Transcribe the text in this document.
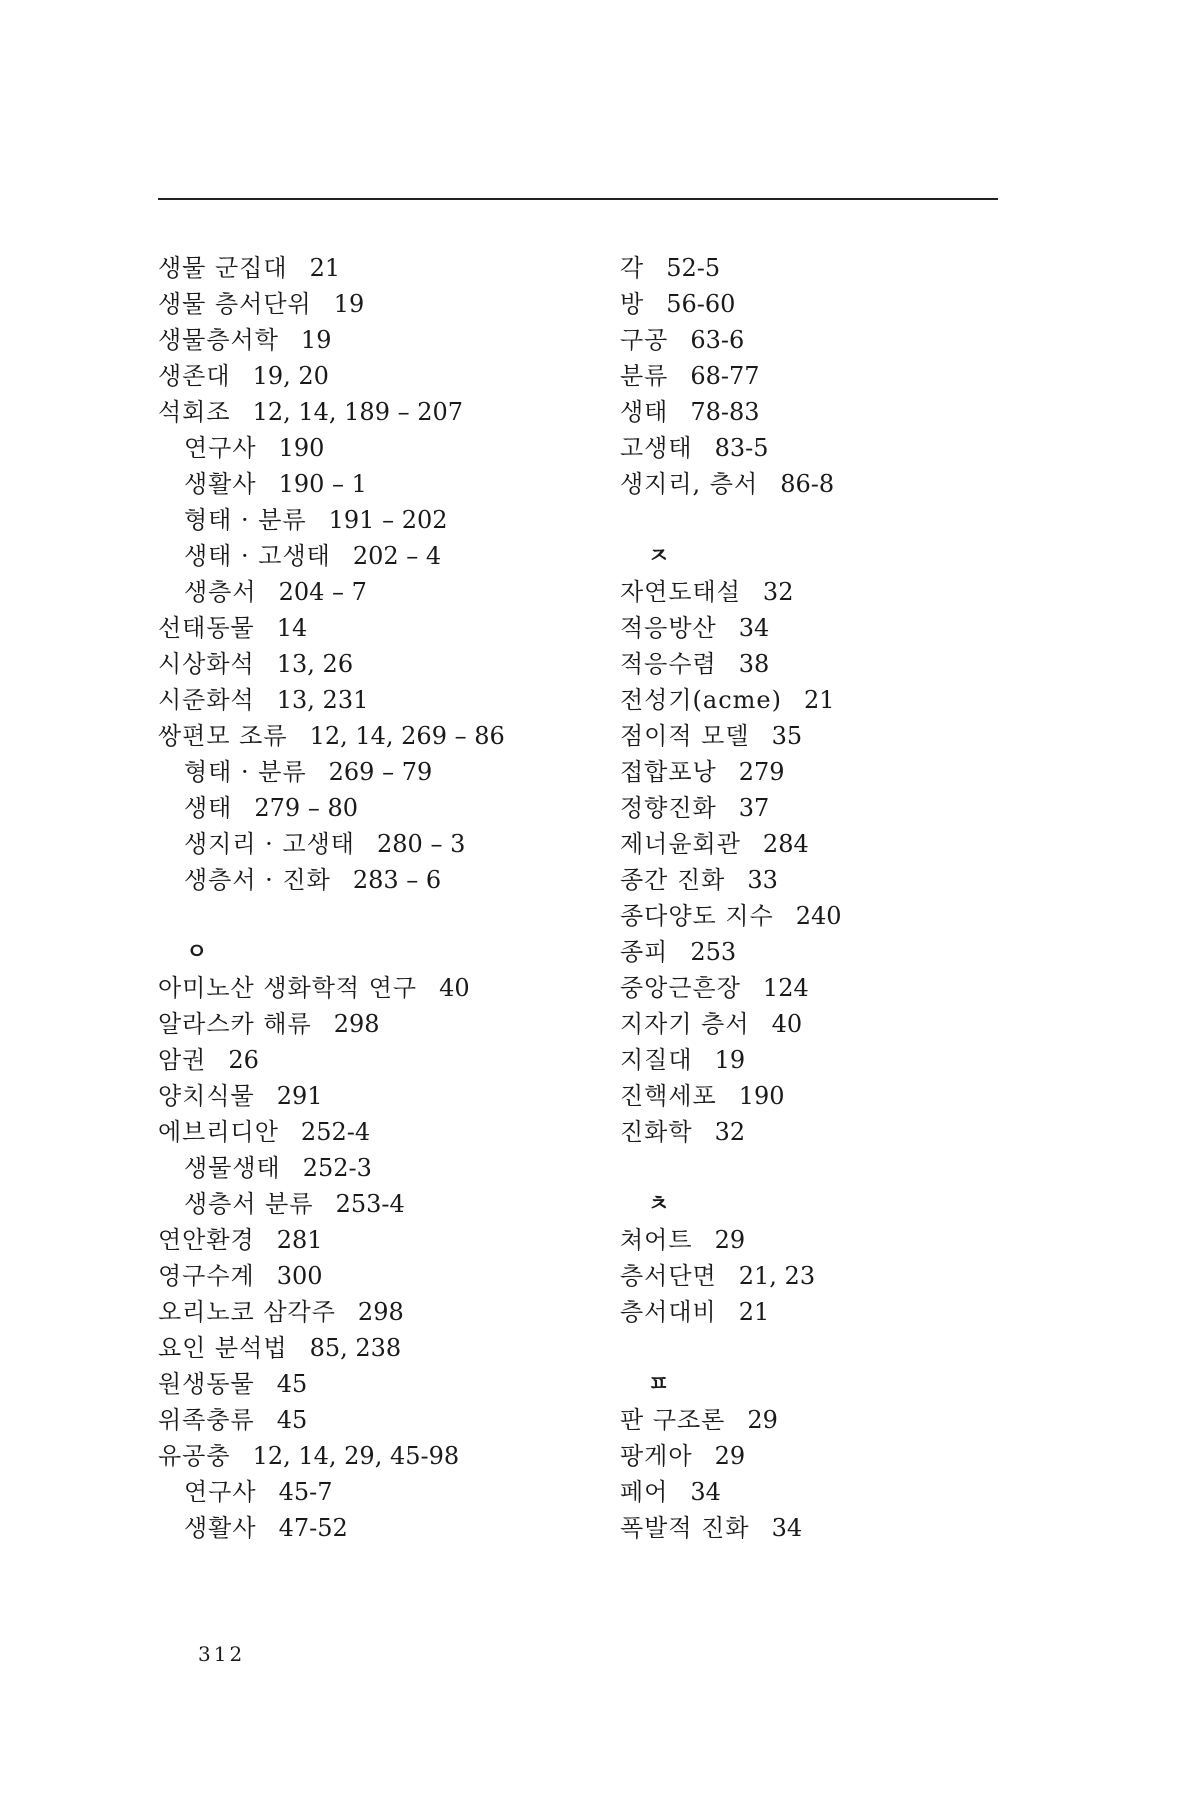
생물 군집대 21
생물 층서단위 19
생물층서학 19
생존대 19, 20
석회조 12, 14, 189 – 207
연구사 190
생활사 190 – 1
형태 · 분류 191 – 202
생태 · 고생태 202 – 4
생층서 204 – 7
선태동물 14
시상화석 13, 26
시준화석 13, 231
쌍편모 조류 12, 14, 269 – 86
형태 · 분류 269 – 79
생태 279 – 80
생지리 · 고생태 280 – 3
생층서 · 진화 283 – 6
ㅇ
아미노산 생화학적 연구 40
알라스카 해류 298
암권 26
양치식물 291
에브리디안 252-4
생물생태 252-3
생층서 분류 253-4
연안환경 281
영구수계 300
오리노코 삼각주 298
요인 분석법 85, 238
원생동물 45
위족충류 45
유공충 12, 14, 29, 45-98
연구사 45-7
생활사 47-52
각 52-5
방 56-60
구공 63-6
분류 68-77
생태 78-83
고생태 83-5
생지리, 층서 86-8
ㅈ
자연도태설 32
적응방산 34
적응수렴 38
전성기(acme) 21
점이적 모델 35
접합포낭 279
정향진화 37
제너윤회관 284
종간 진화 33
종다양도 지수 240
종피 253
중앙근흔장 124
지자기 층서 40
지질대 19
진핵세포 190
진화학 32
ㅊ
쳐어트 29
층서단면 21, 23
층서대비 21
ㅍ
판 구조론 29
팡게아 29
페어 34
폭발적 진화 34
312
